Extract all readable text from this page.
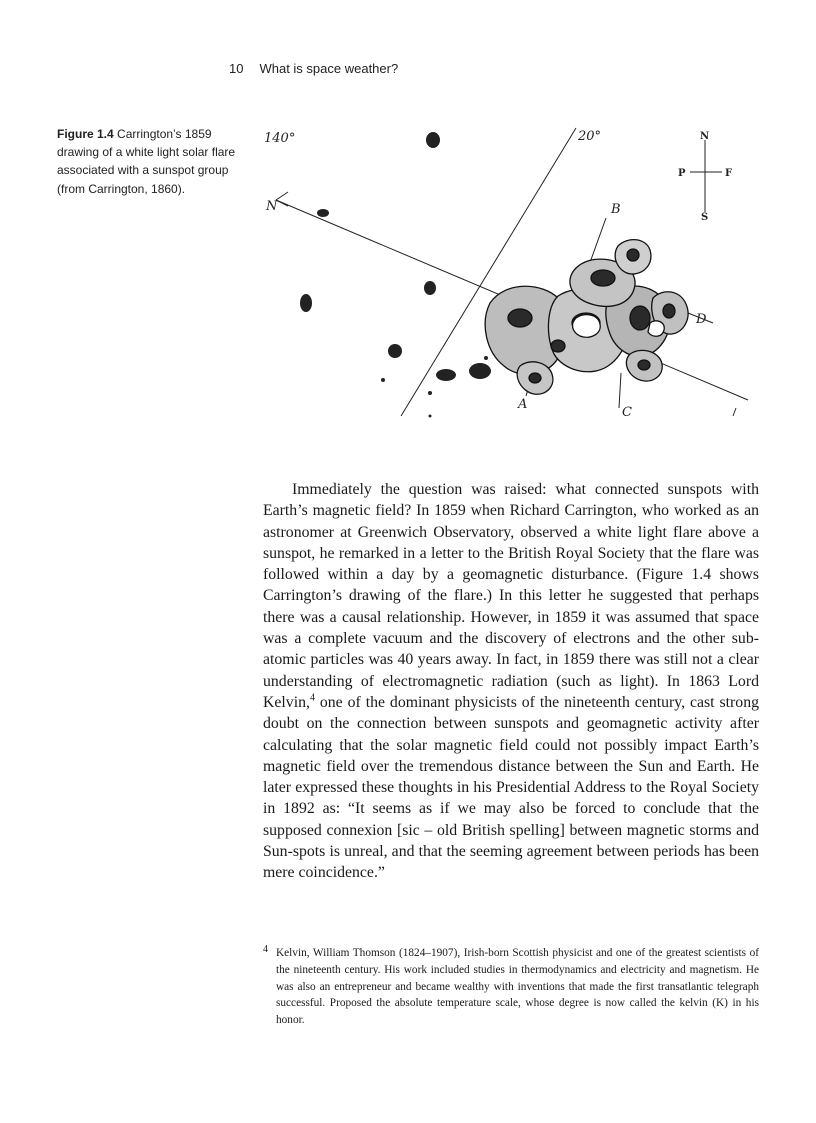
10 What is space weather?
Figure 1.4 Carrington’s 1859 drawing of a white light solar flare associated with a sunspot group (from Carrington, 1860).
140°	20°
N
A
B
C
D
N
S
P	F

Immediately the question was raised: what connected sunspots with Earth’s magnetic field? In 1859 when Richard Carrington, who worked as an astronomer at Greenwich Observatory, observed a white light flare above a sunspot, he remarked in a letter to the British Royal Society that the flare was followed within a day by a geomagnetic disturbance. (Figure 1.4 shows Carrington’s drawing of the flare.) In this letter he suggested that perhaps there was a causal relationship. However, in 1859 it was assumed that space was a complete vacuum and the discovery of electrons and the other sub-atomic particles was 40 years away. In fact, in 1859 there was still not a clear understanding of electromagnetic radiation (such as light). In 1863 Lord Kelvin,$^4$ one of the dominant physicists of the nineteenth century, cast strong doubt on the connection between sunspots and geomagnetic activity after calculating that the solar magnetic field could not possibly impact Earth’s magnetic field over the tremendous distance between the Sun and Earth. He later expressed these thoughts in his Presidential Address to the Royal Society in 1892 as: “It seems as if we may also be forced to conclude that the supposed connexion [sic – old British spelling] between magnetic storms and Sun-spots is unreal, and that the seeming agreement between periods has been mere coincidence.”

4 Kelvin, William Thomson (1824–1907), Irish-born Scottish physicist and one of the greatest scientists of the nineteenth century. His work included studies in thermodynamics and electricity and magnetism. He was also an entrepreneur and became wealthy with inventions that made the first transatlantic telegraph successful. Proposed the absolute temperature scale, whose degree is now called the kelvin (K) in his honor.
